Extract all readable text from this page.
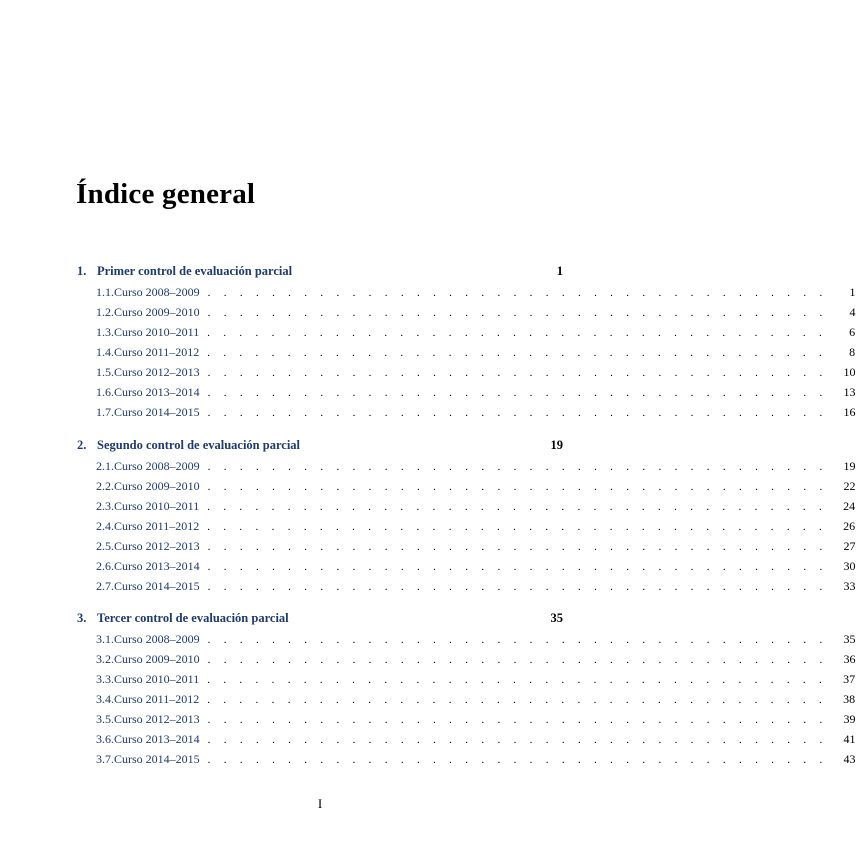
Índice general
1. Primer control de evaluación parcial	1
1.1. Curso 2008–2009 . . . . . . . . . . . . . . . . . . . . . . . . . . . . . . . . . . . . . . .	1
1.2. Curso 2009–2010 . . . . . . . . . . . . . . . . . . . . . . . . . . . . . . . . . . . . . . .	4
1.3. Curso 2010–2011 . . . . . . . . . . . . . . . . . . . . . . . . . . . . . . . . . . . . . . .	6
1.4. Curso 2011–2012 . . . . . . . . . . . . . . . . . . . . . . . . . . . . . . . . . . . . . . .	8
1.5. Curso 2012–2013 . . . . . . . . . . . . . . . . . . . . . . . . . . . . . . . . . . . . . . .	10
1.6. Curso 2013–2014 . . . . . . . . . . . . . . . . . . . . . . . . . . . . . . . . . . . . . . .	13
1.7. Curso 2014–2015 . . . . . . . . . . . . . . . . . . . . . . . . . . . . . . . . . . . . . . .	16
2. Segundo control de evaluación parcial	19
2.1. Curso 2008–2009 . . . . . . . . . . . . . . . . . . . . . . . . . . . . . . . . . . . . . . .	19
2.2. Curso 2009–2010 . . . . . . . . . . . . . . . . . . . . . . . . . . . . . . . . . . . . . . .	22
2.3. Curso 2010–2011 . . . . . . . . . . . . . . . . . . . . . . . . . . . . . . . . . . . . . . .	24
2.4. Curso 2011–2012 . . . . . . . . . . . . . . . . . . . . . . . . . . . . . . . . . . . . . . .	26
2.5. Curso 2012–2013 . . . . . . . . . . . . . . . . . . . . . . . . . . . . . . . . . . . . . . .	27
2.6. Curso 2013–2014 . . . . . . . . . . . . . . . . . . . . . . . . . . . . . . . . . . . . . . .	30
2.7. Curso 2014–2015 . . . . . . . . . . . . . . . . . . . . . . . . . . . . . . . . . . . . . . .	33
3. Tercer control de evaluación parcial	35
3.1. Curso 2008–2009 . . . . . . . . . . . . . . . . . . . . . . . . . . . . . . . . . . . . . . .	35
3.2. Curso 2009–2010 . . . . . . . . . . . . . . . . . . . . . . . . . . . . . . . . . . . . . . .	36
3.3. Curso 2010–2011 . . . . . . . . . . . . . . . . . . . . . . . . . . . . . . . . . . . . . . .	37
3.4. Curso 2011–2012 . . . . . . . . . . . . . . . . . . . . . . . . . . . . . . . . . . . . . . .	38
3.5. Curso 2012–2013 . . . . . . . . . . . . . . . . . . . . . . . . . . . . . . . . . . . . . . .	39
3.6. Curso 2013–2014 . . . . . . . . . . . . . . . . . . . . . . . . . . . . . . . . . . . . . . .	41
3.7. Curso 2014–2015 . . . . . . . . . . . . . . . . . . . . . . . . . . . . . . . . . . . . . . .	43
I
